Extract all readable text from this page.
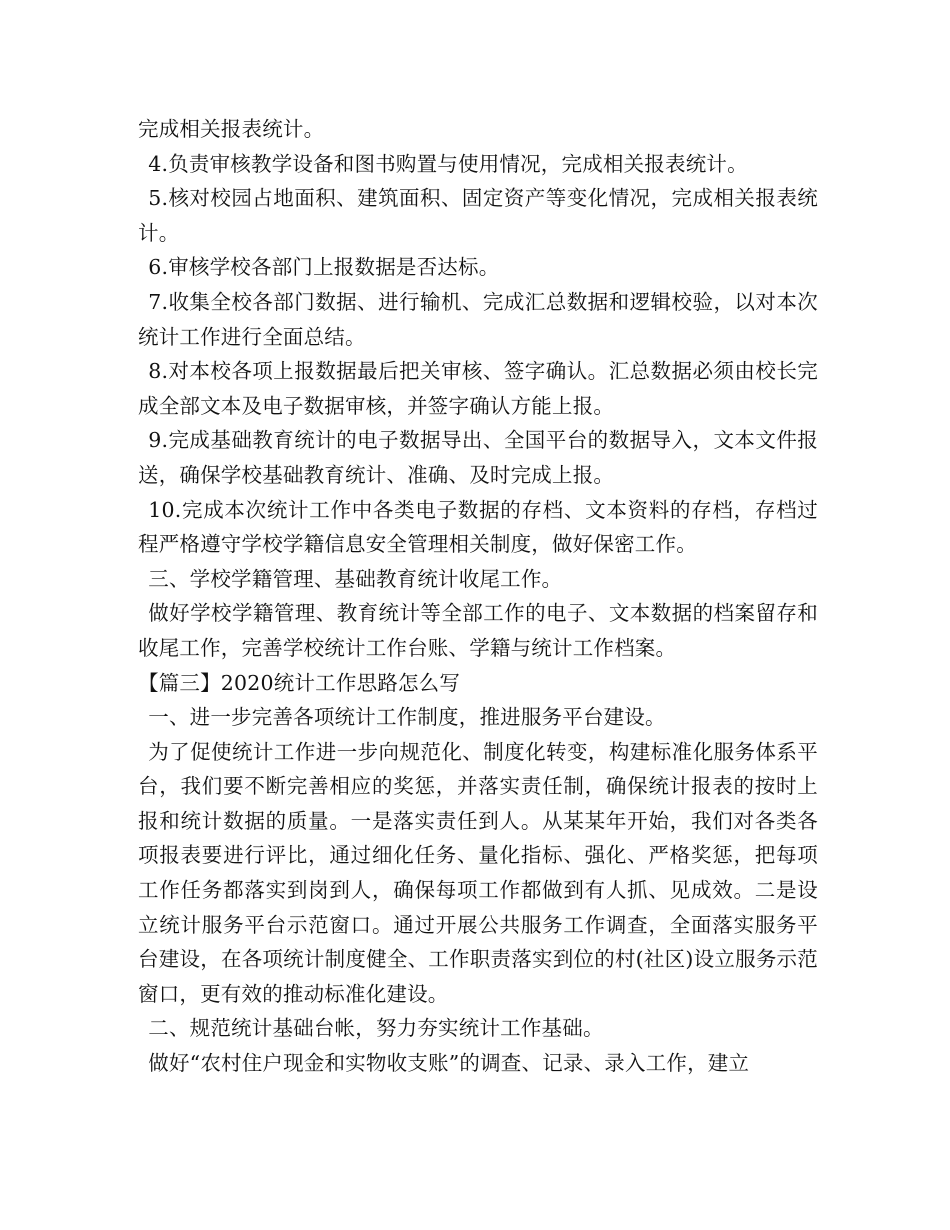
完成相关报表统计。

4.负责审核教学设备和图书购置与使用情况，完成相关报表统计。

5.核对校园占地面积、建筑面积、固定资产等变化情况，完成相关报表统计。

6.审核学校各部门上报数据是否达标。

7.收集全校各部门数据、进行输机、完成汇总数据和逻辑校验，以对本次统计工作进行全面总结。

8.对本校各项上报数据最后把关审核、签字确认。汇总数据必须由校长完成全部文本及电子数据审核，并签字确认方能上报。

9.完成基础教育统计的电子数据导出、全国平台的数据导入，文本文件报送，确保学校基础教育统计、准确、及时完成上报。

10.完成本次统计工作中各类电子数据的存档、文本资料的存档，存档过程严格遵守学校学籍信息安全管理相关制度，做好保密工作。

三、学校学籍管理、基础教育统计收尾工作。

做好学校学籍管理、教育统计等全部工作的电子、文本数据的档案留存和收尾工作，完善学校统计工作台账、学籍与统计工作档案。

【篇三】2020统计工作思路怎么写

一、进一步完善各项统计工作制度，推进服务平台建设。

为了促使统计工作进一步向规范化、制度化转变，构建标准化服务体系平台，我们要不断完善相应的奖惩，并落实责任制，确保统计报表的按时上报和统计数据的质量。一是落实责任到人。从某某年开始，我们对各类各项报表要进行评比，通过细化任务、量化指标、强化、严格奖惩，把每项工作任务都落实到岗到人，确保每项工作都做到有人抓、见成效。二是设立统计服务平台示范窗口。通过开展公共服务工作调查，全面落实服务平台建设，在各项统计制度健全、工作职责落实到位的村(社区)设立服务示范窗口，更有效的推动标准化建设。

二、规范统计基础台帐，努力夯实统计工作基础。

做好“农村住户现金和实物收支账”的调查、记录、录入工作，建立
